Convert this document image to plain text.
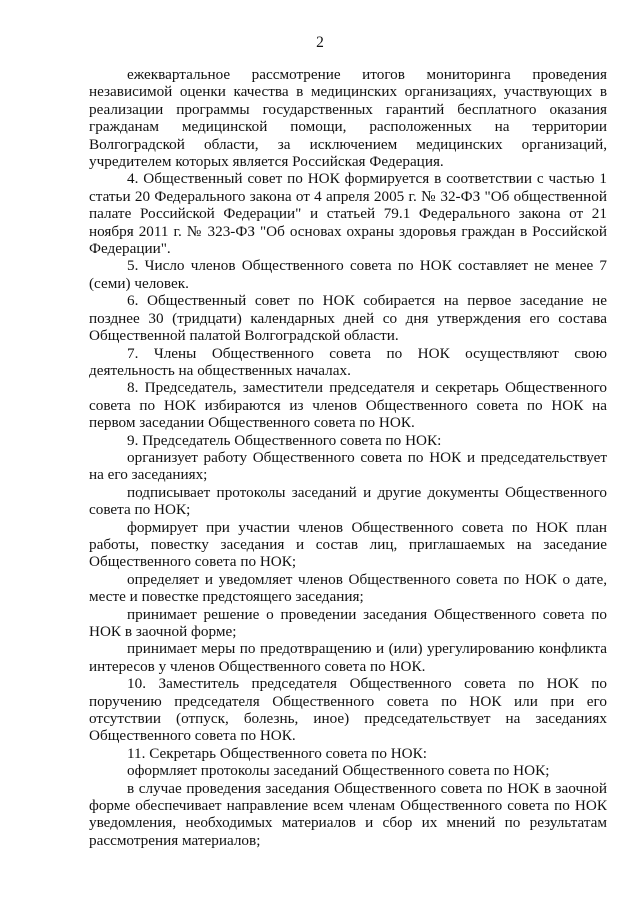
2

ежеквартальное рассмотрение итогов мониторинга проведения независимой оценки качества в медицинских организациях, участвующих в реализации программы государственных гарантий бесплатного оказания гражданам медицинской помощи, расположенных на территории Волгоградской области, за исключением медицинских организаций, учредителем которых является Российская Федерация.

4. Общественный совет по НОК формируется в соответствии с частью 1 статьи 20 Федерального закона от 4 апреля 2005 г. № 32-ФЗ "Об общественной палате Российской Федерации" и статьей 79.1 Федерального закона от 21 ноября 2011 г. № 323-ФЗ "Об основах охраны здоровья граждан в Российской Федерации".

5. Число членов Общественного совета по НОК составляет не менее 7 (семи) человек.

6. Общественный совет по НОК собирается на первое заседание не позднее 30 (тридцати) календарных дней со дня утверждения его состава Общественной палатой Волгоградской области.

7. Члены Общественного совета по НОК осуществляют свою деятельность на общественных началах.

8. Председатель, заместители председателя и секретарь Общественного совета по НОК избираются из членов Общественного совета по НОК на первом заседании Общественного совета по НОК.

9. Председатель Общественного совета по НОК:

организует работу Общественного совета по НОК и председательствует на его заседаниях;

подписывает протоколы заседаний и другие документы Общественного совета по НОК;

формирует при участии членов Общественного совета по НОК план работы, повестку заседания и состав лиц, приглашаемых на заседание Общественного совета по НОК;

определяет и уведомляет членов Общественного совета по НОК о дате, месте и повестке предстоящего заседания;

принимает решение о проведении заседания Общественного совета по НОК в заочной форме;

принимает меры по предотвращению и (или) урегулированию конфликта интересов у членов Общественного совета по НОК.

10. Заместитель председателя Общественного совета по НОК по поручению председателя Общественного совета по НОК или при его отсутствии (отпуск, болезнь, иное) председательствует на заседаниях Общественного совета по НОК.

11. Секретарь Общественного совета по НОК:

оформляет протоколы заседаний Общественного совета по НОК;

в случае проведения заседания Общественного совета по НОК в заочной форме обеспечивает направление всем членам Общественного совета по НОК уведомления, необходимых материалов и сбор их мнений по результатам рассмотрения материалов;
